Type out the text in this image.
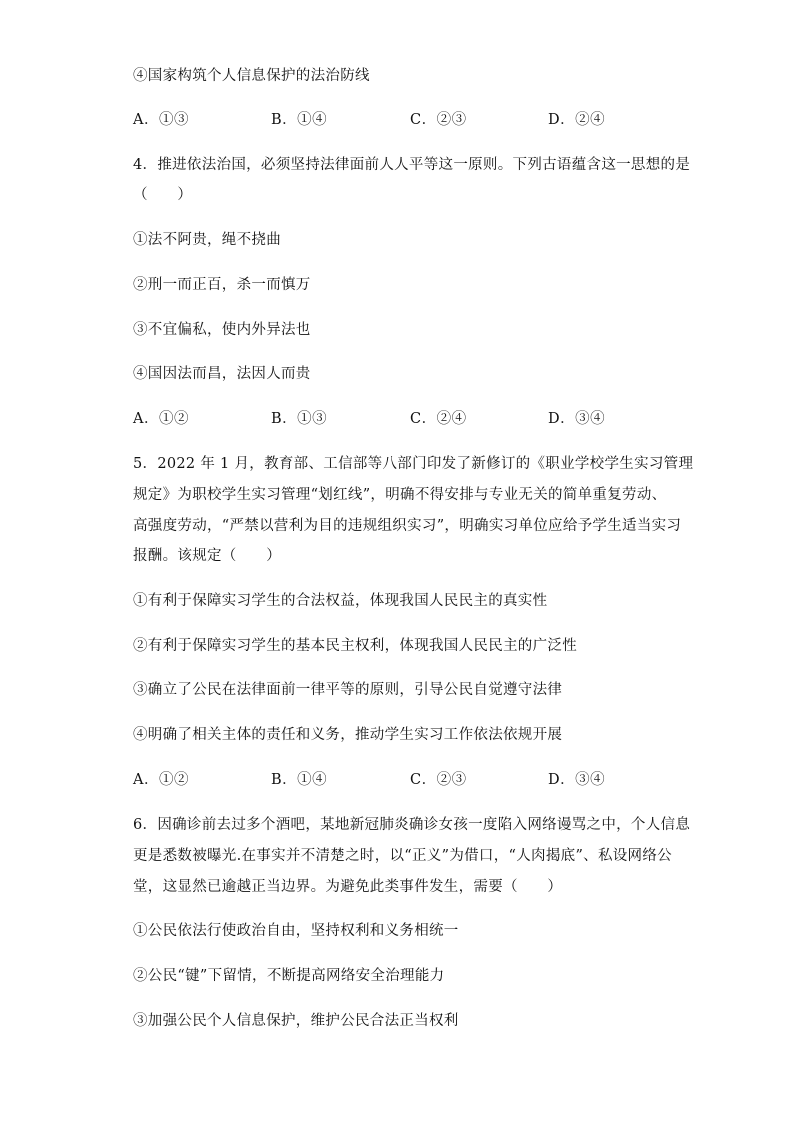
④国家构筑个人信息保护的法治防线
A．①③	B．①④	C．②③	D．②④
4．推进依法治国，必须坚持法律面前人人平等这一原则。下列古语蕴含这一思想的是
（　　）
①法不阿贵，绳不挠曲
②刑一而正百，杀一而慎万
③不宜偏私，使内外异法也
④国因法而昌，法因人而贵
A．①②	B．①③	C．②④	D．③④
5．2022 年 1 月，教育部、工信部等八部门印发了新修订的《职业学校学生实习管理
规定》为职校学生实习管理“划红线”，明确不得安排与专业无关的简单重复劳动、
高强度劳动，“严禁以营利为目的违规组织实习”，明确实习单位应给予学生适当实习
报酬。该规定（　　）
①有利于保障实习学生的合法权益，体现我国人民民主的真实性
②有利于保障实习学生的基本民主权利，体现我国人民民主的广泛性
③确立了公民在法律面前一律平等的原则，引导公民自觉遵守法律
④明确了相关主体的责任和义务，推动学生实习工作依法依规开展
A．①②	B．①④	C．②③	D．③④
6．因确诊前去过多个酒吧，某地新冠肺炎确诊女孩一度陷入网络谩骂之中，个人信息
更是悉数被曝光.在事实并不清楚之时，以“正义”为借口，“人肉揭底”、私设网络公
堂，这显然已逾越正当边界。为避免此类事件发生，需要（　　）
①公民依法行使政治自由，坚持权利和义务相统一
②公民“键”下留情，不断提高网络安全治理能力
③加强公民个人信息保护，维护公民合法正当权利
